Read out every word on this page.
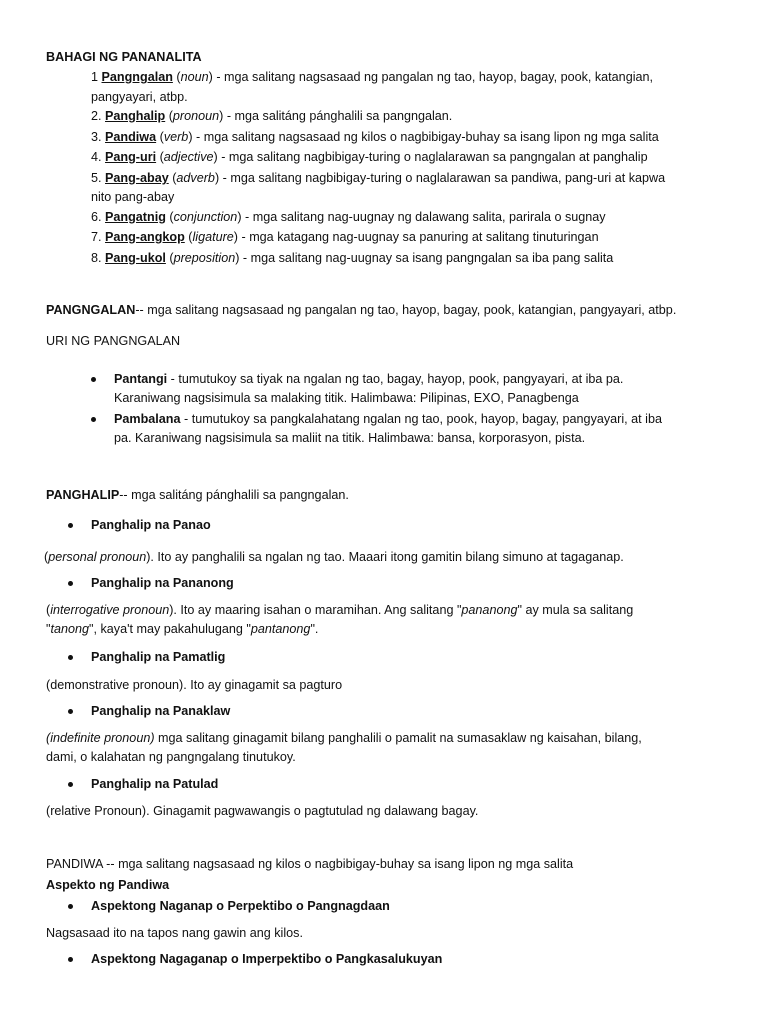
BAHAGI NG PANANALITA
1 Pangngalan (noun) - mga salitang nagsasaad ng pangalan ng tao, hayop, bagay, pook, katangian,
pangyayari, atbp.
2. Panghalip (pronoun) - mga salitáng pánghalili sa pangngalan.
3. Pandiwa (verb) - mga salitang nagsasaad ng kilos o nagbibigay-buhay sa isang lipon ng mga salita
4. Pang-uri (adjective) - mga salitang nagbibigay-turing o naglalarawan sa pangngalan at panghalip
5. Pang-abay (adverb) - mga salitang nagbibigay-turing o naglalarawan sa pandiwa, pang-uri at kapwa
nito pang-abay
6. Pangatnig (conjunction) - mga salitang nag-uugnay ng dalawang salita, parirala o sugnay
7. Pang-angkop (ligature) - mga katagang nag-uugnay sa panuring at salitang tinuturingan
8. Pang-ukol (preposition) - mga salitang nag-uugnay sa isang pangngalan sa iba pang salita
PANGNGALAN-- mga salitang nagsasaad ng pangalan ng tao, hayop, bagay, pook, katangian, pangyayari, atbp.
URI NG PANGNGALAN
Pantangi - tumutukoy sa tiyak na ngalan ng tao, bagay, hayop, pook, pangyayari, at iba pa.
Karaniwang nagsisimula sa malaking titik. Halimbawa: Pilipinas, EXO, Panagbenga
Pambalana - tumutukoy sa pangkalahatang ngalan ng tao, pook, hayop, bagay, pangyayari, at iba
pa. Karaniwang nagsisimula sa maliit na titik. Halimbawa: bansa, korporasyon, pista.
PANGHALIP-- mga salitáng pánghalili sa pangngalan.
Panghalip na Panao
(personal pronoun). Ito ay panghalili sa ngalan ng tao. Maaari itong gamitin bilang simuno at tagaganap.
Panghalip na Pananong
(interrogative pronoun). Ito ay maaring isahan o maramihan. Ang salitang "pananong" ay mula sa salitang
"tanong", kaya't may pakahulugang "pantanong".
Panghalip na Pamatlig
(demonstrative pronoun). Ito ay ginagamit sa pagturo
Panghalip na Panaklaw
(indefinite pronoun) mga salitang ginagamit bilang panghalili o pamalit na sumasaklaw ng kaisahan, bilang,
dami, o kalahatan ng pangngalang tinutukoy.
Panghalip na Patulad
(relative Pronoun). Ginagamit pagwawangis o pagtutulad ng dalawang bagay.
PANDIWA -- mga salitang nagsasaad ng kilos o nagbibigay-buhay sa isang lipon ng mga salita
Aspekto ng Pandiwa
Aspektong Naganap o Perpektibo o Pangnagdaan
Nagsasaad ito na tapos nang gawin ang kilos.
Aspektong Nagaganap o Imperpektibo o Pangkasalukuyan
